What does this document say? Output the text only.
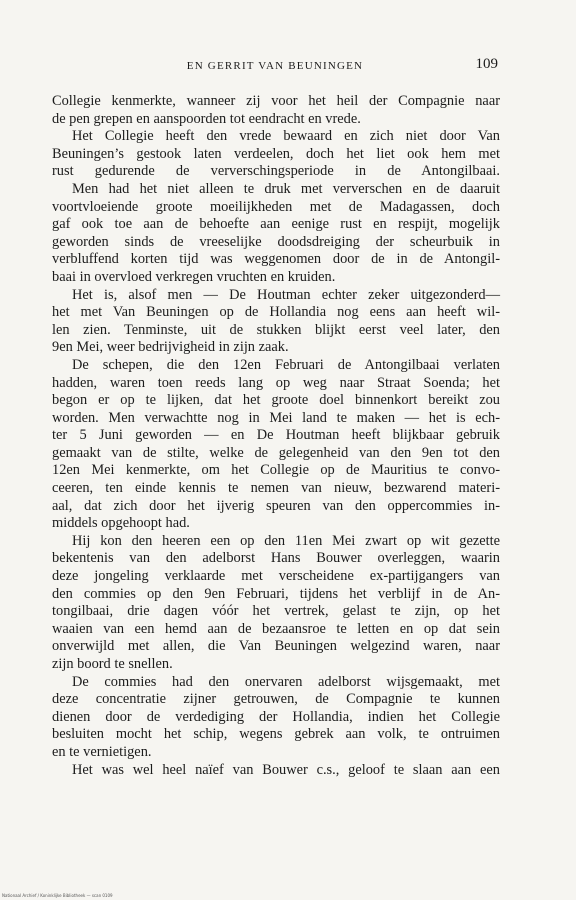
EN GERRIT VAN BEUNINGEN	109
Collegie kenmerkte, wanneer zij voor het heil der Compagnie naar
de pen grepen en aanspoorden tot eendracht en vrede.
Het Collegie heeft den vrede bewaard en zich niet door Van
Beuningen’s gestook laten verdeelen, doch het liet ook hem met
rust gedurende de ververschingsperiode in de Antongilbaai.
Men had het niet alleen te druk met ververschen en de daaruit
voortvloeiende groote moeilijkheden met de Madagassen, doch
gaf ook toe aan de behoefte aan eenige rust en respijt, mogelijk
geworden sinds de vreeselijke doodsdreiging der scheurbuik in
verbluffend korten tijd was weggenomen door de in de Antongil-
baai in overvloed verkregen vruchten en kruiden.
Het is, alsof men — De Houtman echter zeker uitgezonderd—
het met Van Beuningen op de Hollandia nog eens aan heeft wil-
len zien. Tenminste, uit de stukken blijkt eerst veel later, den
9en Mei, weer bedrijvigheid in zijn zaak.
De schepen, die den 12en Februari de Antongilbaai verlaten
hadden, waren toen reeds lang op weg naar Straat Soenda; het
begon er op te lijken, dat het groote doel binnenkort bereikt zou
worden. Men verwachtte nog in Mei land te maken — het is ech-
ter 5 Juni geworden — en De Houtman heeft blijkbaar gebruik
gemaakt van de stilte, welke de gelegenheid van den 9en tot den
12en Mei kenmerkte, om het Collegie op de Mauritius te convo-
ceeren, ten einde kennis te nemen van nieuw, bezwarend materi-
aal, dat zich door het ijverig speuren van den oppercommies in-
middels opgehoopt had.
Hij kon den heeren een op den 11en Mei zwart op wit gezette
bekentenis van den adelborst Hans Bouwer overleggen, waarin
deze jongeling verklaarde met verscheidene ex-partijgangers van
den commies op den 9en Februari, tijdens het verblijf in de An-
tongilbaai, drie dagen vóór het vertrek, gelast te zijn, op het
waaien van een hemd aan de bezaansroe te letten en op dat sein
onverwijld met allen, die Van Beuningen welgezind waren, naar
zijn boord te snellen.
De commies had den onervaren adelborst wijsgemaakt, met
deze concentratie zijner getrouwen, de Compagnie te kunnen
dienen door de verdediging der Hollandia, indien het Collegie
besluiten mocht het schip, wegens gebrek aan volk, te ontruimen
en te vernietigen.
Het was wel heel naïef van Bouwer c.s., geloof te slaan aan een
Nationaal Archief / Koninklijke Bibliotheek — scan 0109
